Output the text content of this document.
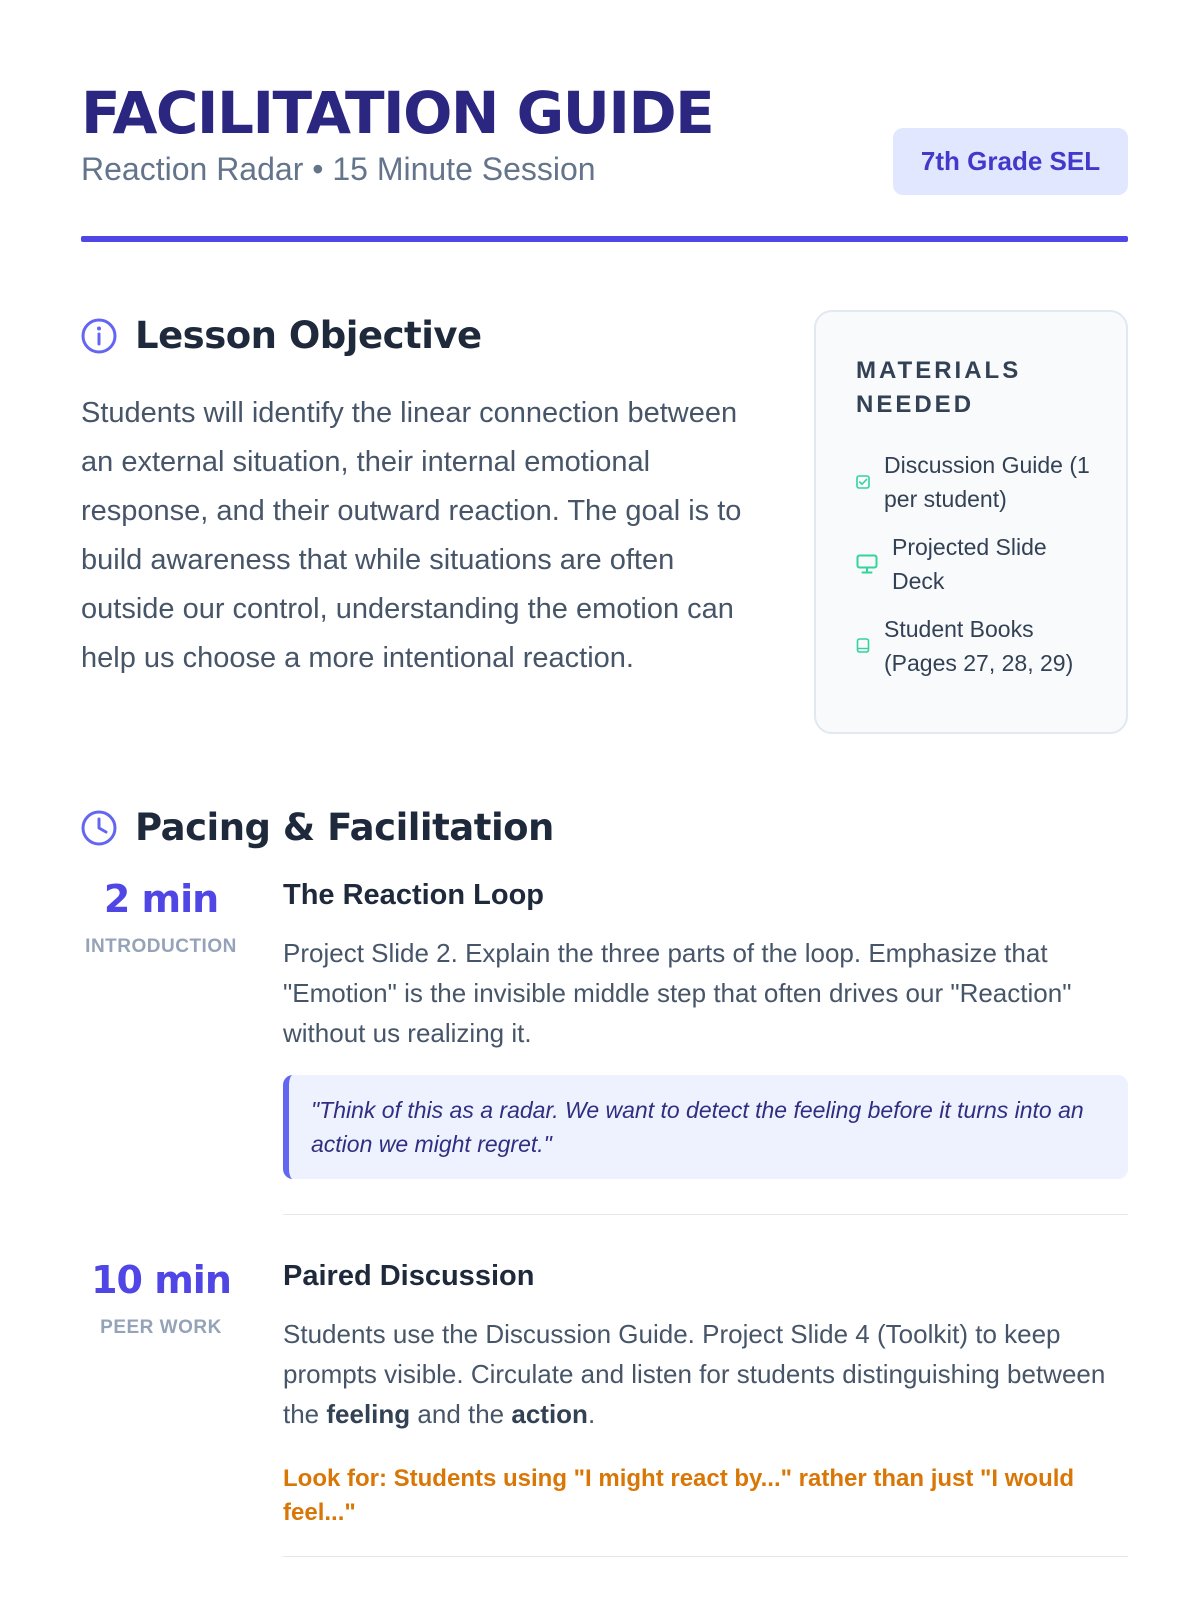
FACILITATION GUIDE
Reaction Radar • 15 Minute Session	7th Grade SEL
Lesson Objective

Students will identify the linear connection between an external situation, their internal emotional response, and their outward reaction. The goal is to build awareness that while situations are often outside our control, understanding the emotion can help us choose a more intentional reaction.

MATERIALS NEEDED
Discussion Guide (1 per student)
Projected Slide Deck
Student Books (Pages 27, 28, 29)
Pacing & Facilitation
2 min
INTRODUCTION
The Reaction Loop

Project Slide 2. Explain the three parts of the loop. Emphasize that "Emotion" is the invisible middle step that often drives our "Reaction" without us realizing it.

"Think of this as a radar. We want to detect the feeling before it turns into an action we might regret."
10 min
PEER WORK
Paired Discussion

Students use the Discussion Guide. Project Slide 4 (Toolkit) to keep prompts visible. Circulate and listen for students distinguishing between the feeling and the action.

Look for: Students using "I might react by..." rather than just "I would feel..."
